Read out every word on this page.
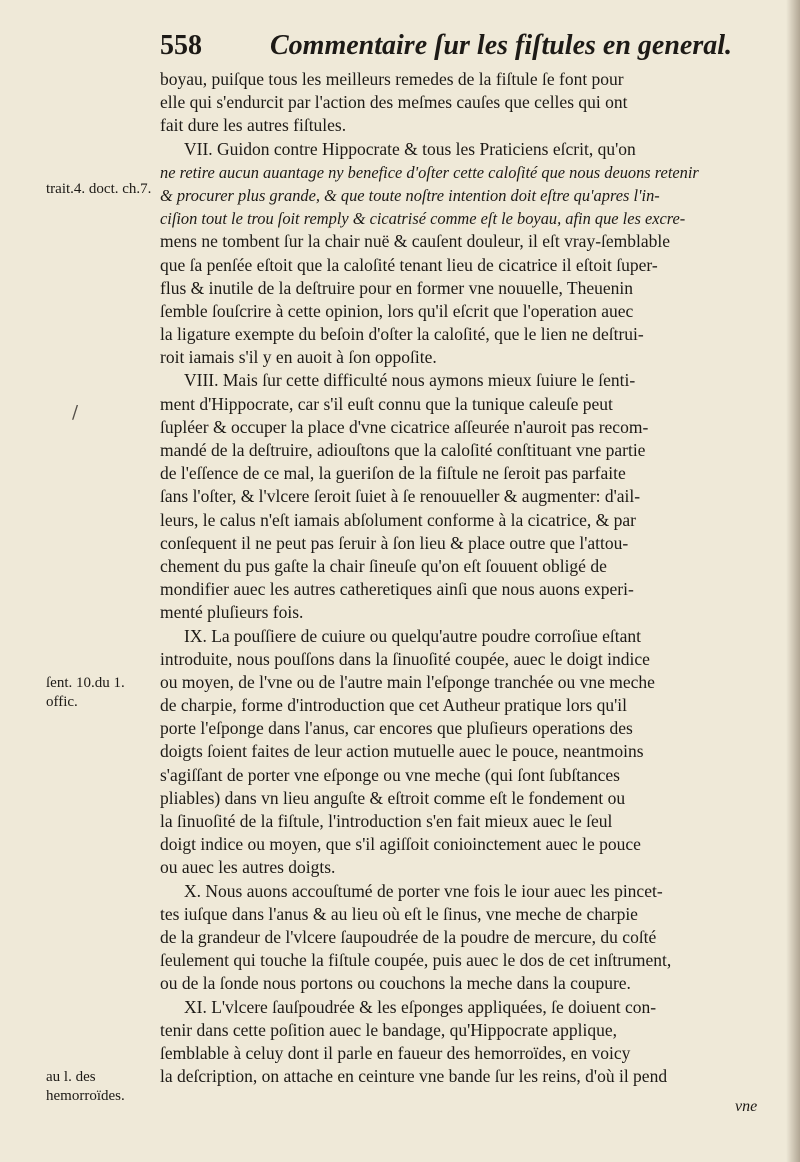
558 Commentaire ſur les fiſtules en general.
trait.4. doct. ch.7.
ſent. 10.du 1. offic.
au l. des hemorroïdes.
/
boyau, puiſque tous les meilleurs remedes de la fiſtule ſe font pour
elle qui s'endurcit par l'action des meſmes cauſes que celles qui ont
fait dure les autres fiſtules.
VII. Guidon contre Hippocrate & tous les Praticiens eſcrit, qu'on
ne retire aucun auantage ny benefice d'oſter cette caloſité que nous deuons retenir
& procurer plus grande, & que toute noſtre intention doit eſtre qu'apres l'in-
ciſion tout le trou ſoit remply & cicatrisé comme eſt le boyau, afin que les excre-
mens ne tombent ſur la chair nuë & cauſent douleur, il eſt vray-ſemblable
que ſa penſée eſtoit que la caloſité tenant lieu de cicatrice il eſtoit ſuper-
flus & inutile de la deſtruire pour en former vne nouuelle, Theuenin
ſemble ſouſcrire à cette opinion, lors qu'il eſcrit que l'operation auec
la ligature exempte du beſoin d'oſter la caloſité, que le lien ne deſtrui-
roit iamais s'il y en auoit à ſon oppoſite.
VIII. Mais ſur cette difficulté nous aymons mieux ſuiure le ſenti-
ment d'Hippocrate, car s'il euſt connu que la tunique caleuſe peut
ſupléer & occuper la place d'vne cicatrice aſſeurée n'auroit pas recom-
mandé de la deſtruire, adiouſtons que la caloſité conſtituant vne partie
de l'eſſence de ce mal, la gueriſon de la fiſtule ne ſeroit pas parfaite
ſans l'oſter, & l'vlcere ſeroit ſuiet à ſe renouueller & augmenter: d'ail-
leurs, le calus n'eſt iamais abſolument conforme à la cicatrice, & par
conſequent il ne peut pas ſeruir à ſon lieu & place outre que l'attou-
chement du pus gaſte la chair ſineuſe qu'on eſt ſouuent obligé de
mondifier auec les autres catheretiques ainſi que nous auons experi-
menté pluſieurs fois.
IX. La pouſſiere de cuiure ou quelqu'autre poudre corroſiue eſtant
introduite, nous pouſſons dans la ſinuoſité coupée, auec le doigt indice
ou moyen, de l'vne ou de l'autre main l'eſponge tranchée ou vne meche
de charpie, forme d'introduction que cet Autheur pratique lors qu'il
porte l'eſponge dans l'anus, car encores que pluſieurs operations des
doigts ſoient faites de leur action mutuelle auec le pouce, neantmoins
s'agiſſant de porter vne eſponge ou vne meche (qui ſont ſubſtances
pliables) dans vn lieu anguſte & eſtroit comme eſt le fondement ou
la ſinuoſité de la fiſtule, l'introduction s'en fait mieux auec le ſeul
doigt indice ou moyen, que s'il agiſſoit conioinctement auec le pouce
ou auec les autres doigts.
X. Nous auons accouſtumé de porter vne fois le iour auec les pincet-
tes iuſque dans l'anus & au lieu où eſt le ſinus, vne meche de charpie
de la grandeur de l'vlcere ſaupoudrée de la poudre de mercure, du coſté
ſeulement qui touche la fiſtule coupée, puis auec le dos de cet inſtrument,
ou de la ſonde nous portons ou couchons la meche dans la coupure.
XI. L'vlcere ſauſpoudrée & les eſponges appliquées, ſe doiuent con-
tenir dans cette poſition auec le bandage, qu'Hippocrate applique,
ſemblable à celuy dont il parle en faueur des hemorroïdes, en voicy
la deſcription, on attache en ceinture vne bande ſur les reins, d'où il pend
vne
